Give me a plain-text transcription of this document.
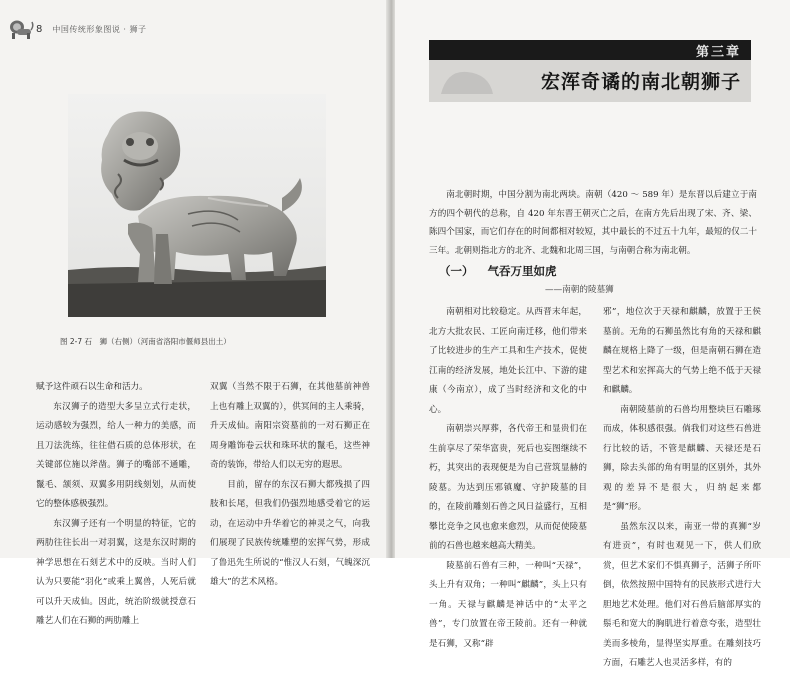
8 中国传统形象图说 · 狮子
图 2-7 石　狮（右侧）（河南省洛阳市偃师县出土）

赋予这件顽石以生命和活力。

东汉狮子的造型大多呈立式行走状，运动感较为强烈，给人一种力的美感，而且刀法洗练，往往借石质的总体形状，在关键部位施以斧凿。狮子的嘴部不通雕，鬣毛、颔须、双翼多用阴线刻划，从而使它的整体感极强烈。

东汉狮子还有一个明显的特征，它的两肋往往长出一对羽翼，这是东汉时期的神学思想在石刻艺术中的反映。当时人们认为只要能“羽化”或乘上翼兽，人死后就可以升天成仙。因此，统治阶级就授意石雕艺人们在石狮的两肋雕上

双翼（当然不限于石狮，在其他墓前神兽上也有雕上双翼的），供冥间的主人乘骑，升天成仙。南阳宗资墓前的一对石狮正在周身雕饰卷云状和珠环状的鬣毛，这些神奇的装饰，带给人们以无穷的遐思。

目前，留存的东汉石狮大都残损了四肢和长尾，但我们仍强烈地感受着它的运动，在运动中升华着它的神灵之气，向我们展现了民族传统雕塑的宏挥气势，形成了鲁迅先生所说的“惟汉人石刻，气魄深沉雄大”的艺术风格。

第三章
宏浑奇谲的南北朝狮子

南北朝时期，中国分割为南北两块。南朝（420 ～ 589 年）是东晋以后建立于南方的四个朝代的总称，自 420 年东晋王朝灭亡之后，在南方先后出现了宋、齐、梁、陈四个国家，而它们存在的时间都相对较短，其中最长的不过五十九年，最短的仅二十三年。北朝则指北方的北齐、北魏和北周三国，与南朝合称为南北朝。

（一） 气吞万里如虎
——南朝的陵墓狮

南朝相对比较稳定。从西晋末年起，北方大批农民、工匠向南迁移，他们带来了比较进步的生产工具和生产技术，促使江南的经济发展，地处长江中、下游的建康（今南京），成了当时经济和文化的中心。

南朝崇兴厚葬，各代帝王和显贵们在生前享尽了荣华富贵，死后也妄图继续不朽，其突出的表现便是为自己营筑显赫的陵墓。为达到压邪镇魔、守护陵墓的目的，在陵前雕刻石兽之风日益盛行，互相攀比竞争之风也愈来愈烈，从而促使陵墓前的石兽也越来越高大精美。

陵墓前石兽有三种，一种叫“天禄”，头上升有双角；一种叫“麒麟”，头上只有一角。天禄与麒麟是神话中的“太平之兽”，专门放置在帝王陵前。还有一种就是石狮，又称“辟

邪”，地位次于天禄和麒麟，放置于王侯墓前。无角的石狮虽然比有角的天禄和麒麟在规格上降了一级，但是南朝石狮在造型艺术和宏挥高大的气势上绝不低于天禄和麒麟。

南朝陵墓前的石兽均用整块巨石雕琢而成，体积感很强。倘我们对这些石兽进行比较的话，不管是麒麟、天禄还是石狮，除去头部的角有明显的区别外，其外观的差异不是很大，归纳起来都是“狮”形。

虽然东汉以来，南亚一带的真狮“岁有进贡”，有时也观见一下，供人们欣赏，但艺术家们不惧真狮子，活狮子所吓倒，依然按照中国特有的民族形式进行大胆地艺术处理。他们对石兽后脑部厚实的鬃毛和宽大的胸肌进行着意夸张，造型壮美而多棱角，显得坚实厚重。在雕刻技巧方面，石雕艺人也灵活多样，有的
